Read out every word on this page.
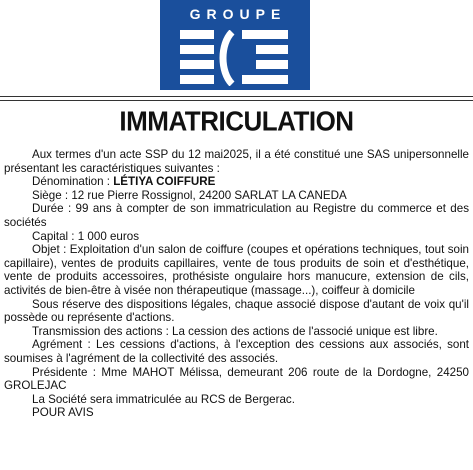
GROUPE
IMMATRICULATION

Aux termes d'un acte SSP du 12 mai2025, il a été constitué une SAS unipersonnelle présentant les caractéristiques suivantes :

Dénomination : LÉTIYA COIFFURE

Siège : 12 rue Pierre Rossignol, 24200 SARLAT LA CANEDA

Durée : 99 ans à compter de son immatriculation au Registre du commerce et des sociétés

Capital : 1 000 euros

Objet : Exploitation d'un salon de coiffure (coupes et opérations techniques, tout soin capillaire), ventes de produits capillaires, vente de tous produits de soin et d'esthétique, vente de produits accessoires, prothésiste ongulaire hors manucure, extension de cils, activités de bien-être à visée non thérapeutique (massage...), coiffeur à domicile

Sous réserve des dispositions légales, chaque associé dispose d'autant de voix qu'il possède ou représente d'actions.

Transmission des actions : La cession des actions de l'associé unique est libre.

Agrément : Les cessions d'actions, à l'exception des cessions aux associés, sont soumises à l'agrément de la collectivité des associés.

Présidente : Mme MAHOT Mélissa, demeurant 206 route de la Dordogne, 24250 GROLEJAC

La Société sera immatriculée au RCS de Bergerac.

POUR AVIS
